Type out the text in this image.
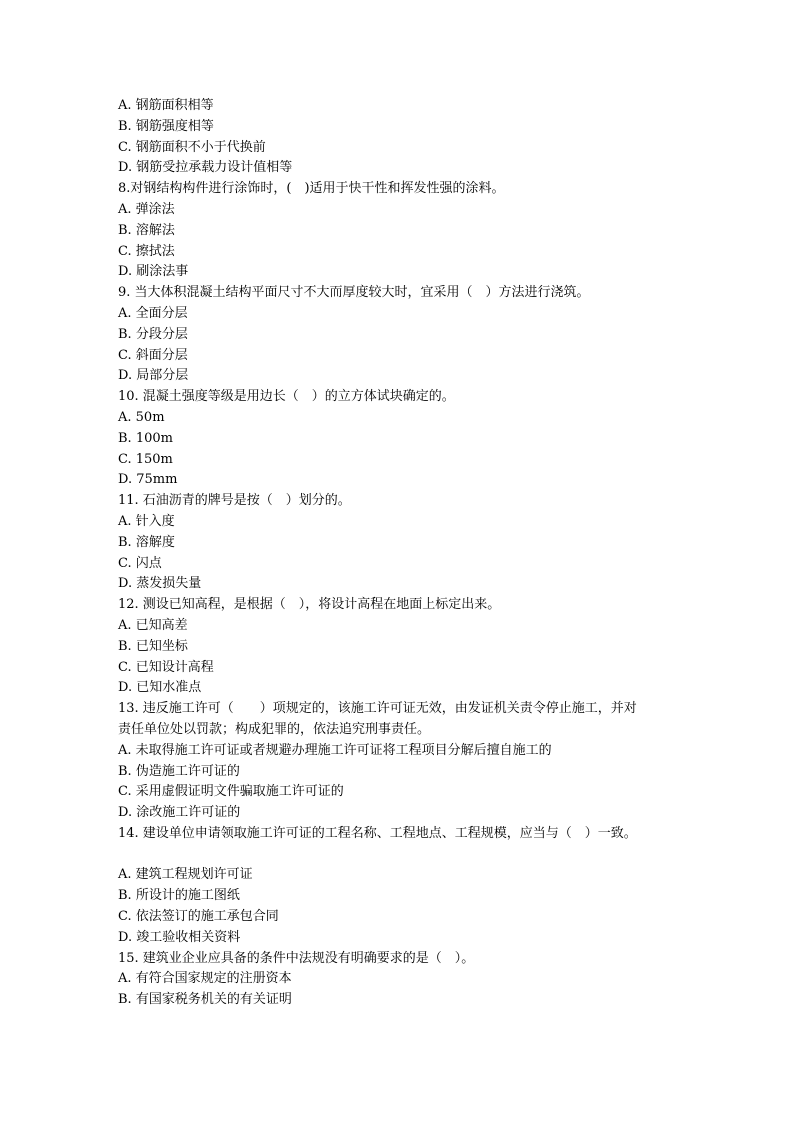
A. 钢筋面积相等
B. 钢筋强度相等
C. 钢筋面积不小于代换前
D. 钢筋受拉承载力设计值相等
8.对钢结构构件进行涂饰时，(　)适用于快干性和挥发性强的涂料。
A. 弹涂法
B. 溶解法
C. 擦拭法
D. 刷涂法事
9. 当大体积混凝土结构平面尺寸不大而厚度较大时，宜采用（　）方法进行浇筑。
A. 全面分层
B. 分段分层
C. 斜面分层
D. 局部分层
10. 混凝土强度等级是用边长（　）的立方体试块确定的。
A. 50m
B. 100m
C. 150m
D. 75mm
11. 石油沥青的牌号是按（　）划分的。
A. 针入度
B. 溶解度
C. 闪点
D. 蒸发损失量
12. 测设已知高程，是根据（　），将设计高程在地面上标定出来。
A. 已知高差
B. 已知坐标
C. 已知设计高程
D. 已知水准点
13. 违反施工许可（　　）项规定的，该施工许可证无效，由发证机关责令停止施工，并对
责任单位处以罚款；构成犯罪的，依法追究刑事责任。
A. 未取得施工许可证或者规避办理施工许可证将工程项目分解后擅自施工的
B. 伪造施工许可证的
C. 采用虚假证明文件骗取施工许可证的
D. 涂改施工许可证的
14. 建设单位申请领取施工许可证的工程名称、工程地点、工程规模，应当与（　）一致。
A. 建筑工程规划许可证
B. 所设计的施工图纸
C. 依法签订的施工承包合同
D. 竣工验收相关资料
15. 建筑业企业应具备的条件中法规没有明确要求的是（　）。
A. 有符合国家规定的注册资本
B. 有国家税务机关的有关证明
